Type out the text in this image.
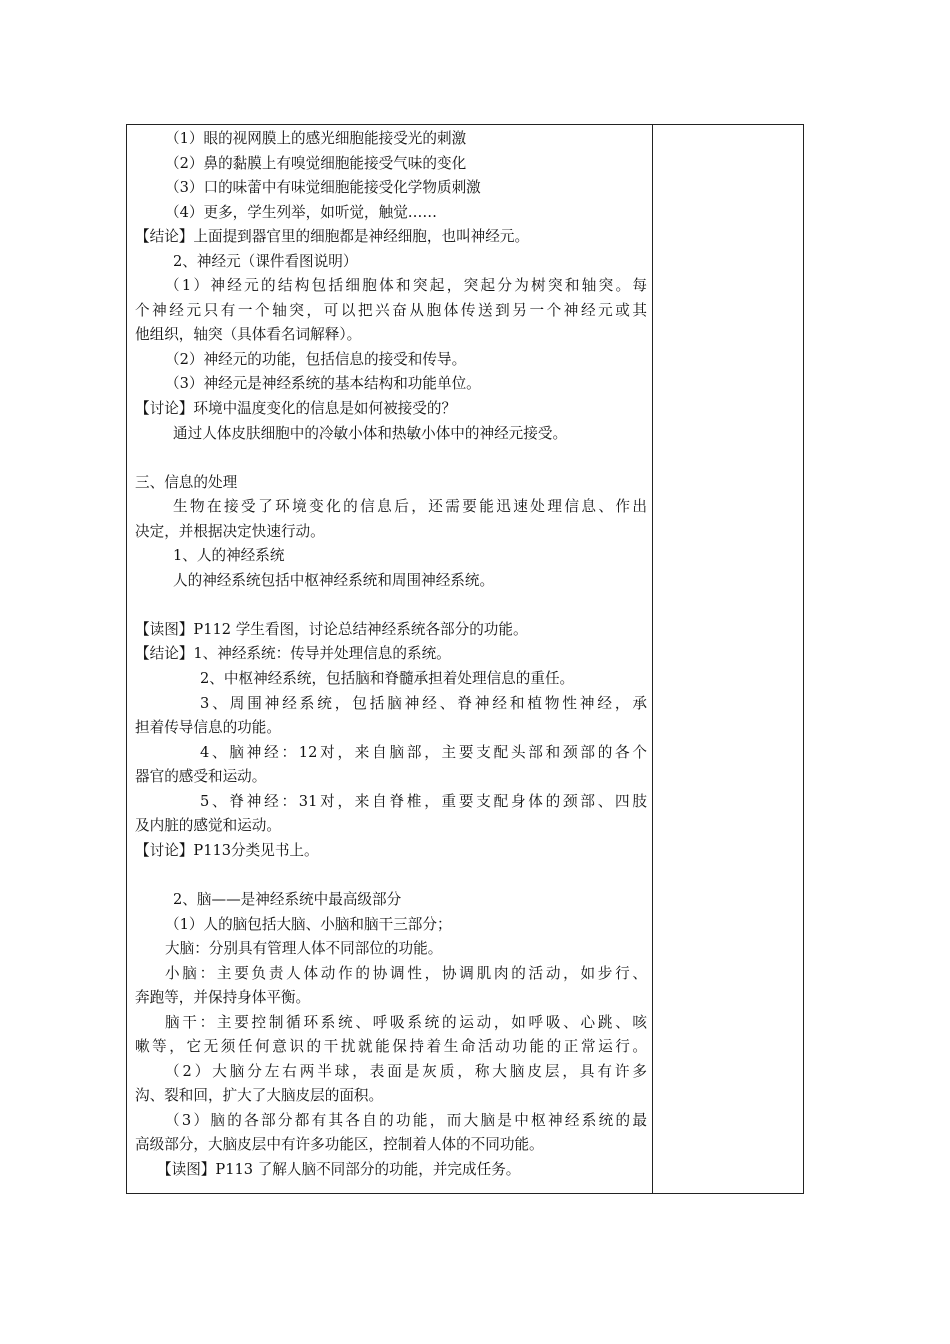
（1）眼的视网膜上的感光细胞能接受光的刺激
（2）鼻的黏膜上有嗅觉细胞能接受气味的变化
（3）口的味蕾中有味觉细胞能接受化学物质刺激
（4）更多，学生列举，如听觉，触觉……
【结论】上面提到器官里的细胞都是神经细胞，也叫神经元。
2、神经元（课件看图说明）
（1）神经元的结构包括细胞体和突起，突起分为树突和轴突。每
个神经元只有一个轴突，可以把兴奋从胞体传送到另一个神经元或其
他组织，轴突（具体看名词解释）。
（2）神经元的功能，包括信息的接受和传导。
（3）神经元是神经系统的基本结构和功能单位。
【讨论】环境中温度变化的信息是如何被接受的？
通过人体皮肤细胞中的冷敏小体和热敏小体中的神经元接受。
三、信息的处理
生物在接受了环境变化的信息后，还需要能迅速处理信息、作出
决定，并根据决定快速行动。
1、人的神经系统
人的神经系统包括中枢神经系统和周围神经系统。
【读图】P112 学生看图，讨论总结神经系统各部分的功能。
【结论】1、神经系统：传导并处理信息的系统。
2、中枢神经系统，包括脑和脊髓承担着处理信息的重任。
3、周围神经系统，包括脑神经、脊神经和植物性神经，承
担着传导信息的功能。
4、脑神经：12对，来自脑部，主要支配头部和颈部的各个
器官的感受和运动。
5、脊神经：31对，来自脊椎，重要支配身体的颈部、四肢
及内脏的感觉和运动。
【讨论】P113分类见书上。
2、脑——是神经系统中最高级部分
（1）人的脑包括大脑、小脑和脑干三部分；
大脑：分别具有管理人体不同部位的功能。
小脑：主要负责人体动作的协调性，协调肌肉的活动，如步行、
奔跑等，并保持身体平衡。
脑干：主要控制循环系统、呼吸系统的运动，如呼吸、心跳、咳
嗽等，它无须任何意识的干扰就能保持着生命活动功能的正常运行。
（2）大脑分左右两半球，表面是灰质，称大脑皮层，具有许多
沟、裂和回，扩大了大脑皮层的面积。
（3）脑的各部分都有其各自的功能，而大脑是中枢神经系统的最
高级部分，大脑皮层中有许多功能区，控制着人体的不同功能。
【读图】P113 了解人脑不同部分的功能，并完成任务。
